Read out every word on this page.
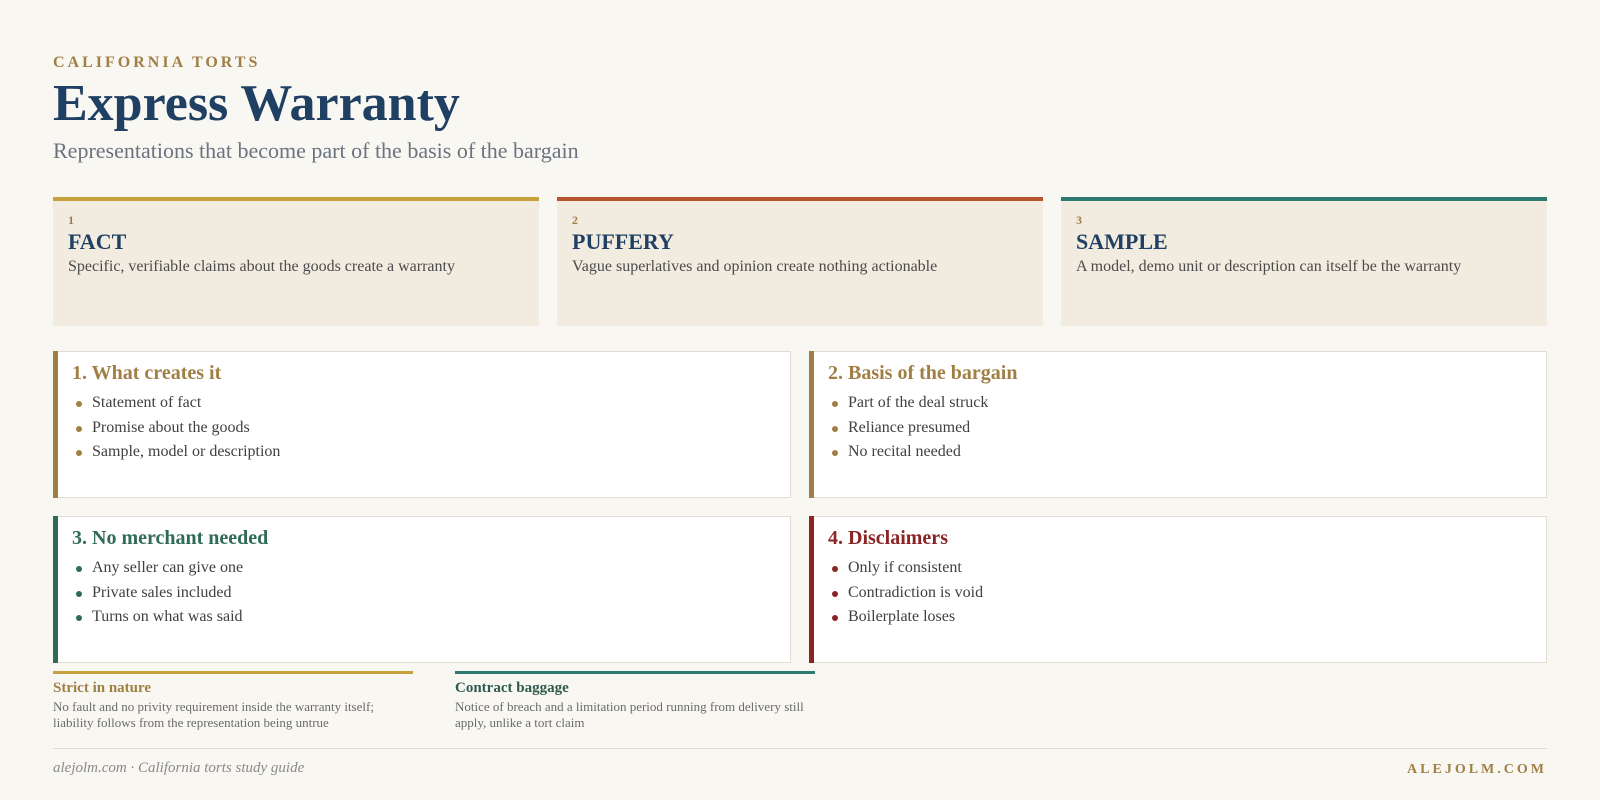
CALIFORNIA TORTS
Express Warranty
Representations that become part of the basis of the bargain
1
FACT
Specific, verifiable claims about the goods create a warranty
2
PUFFERY
Vague superlatives and opinion create nothing actionable
3
SAMPLE
A model, demo unit or description can itself be the warranty
1. What creates it
Statement of fact
Promise about the goods
Sample, model or description
2. Basis of the bargain
Part of the deal struck
Reliance presumed
No recital needed
3. No merchant needed
Any seller can give one
Private sales included
Turns on what was said
4. Disclaimers
Only if consistent
Contradiction is void
Boilerplate loses
Strict in nature
No fault and no privity requirement inside the warranty itself; liability follows from the representation being untrue
Contract baggage
Notice of breach and a limitation period running from delivery still apply, unlike a tort claim
alejolm.com · California torts study guide	ALEJOLM.COM
